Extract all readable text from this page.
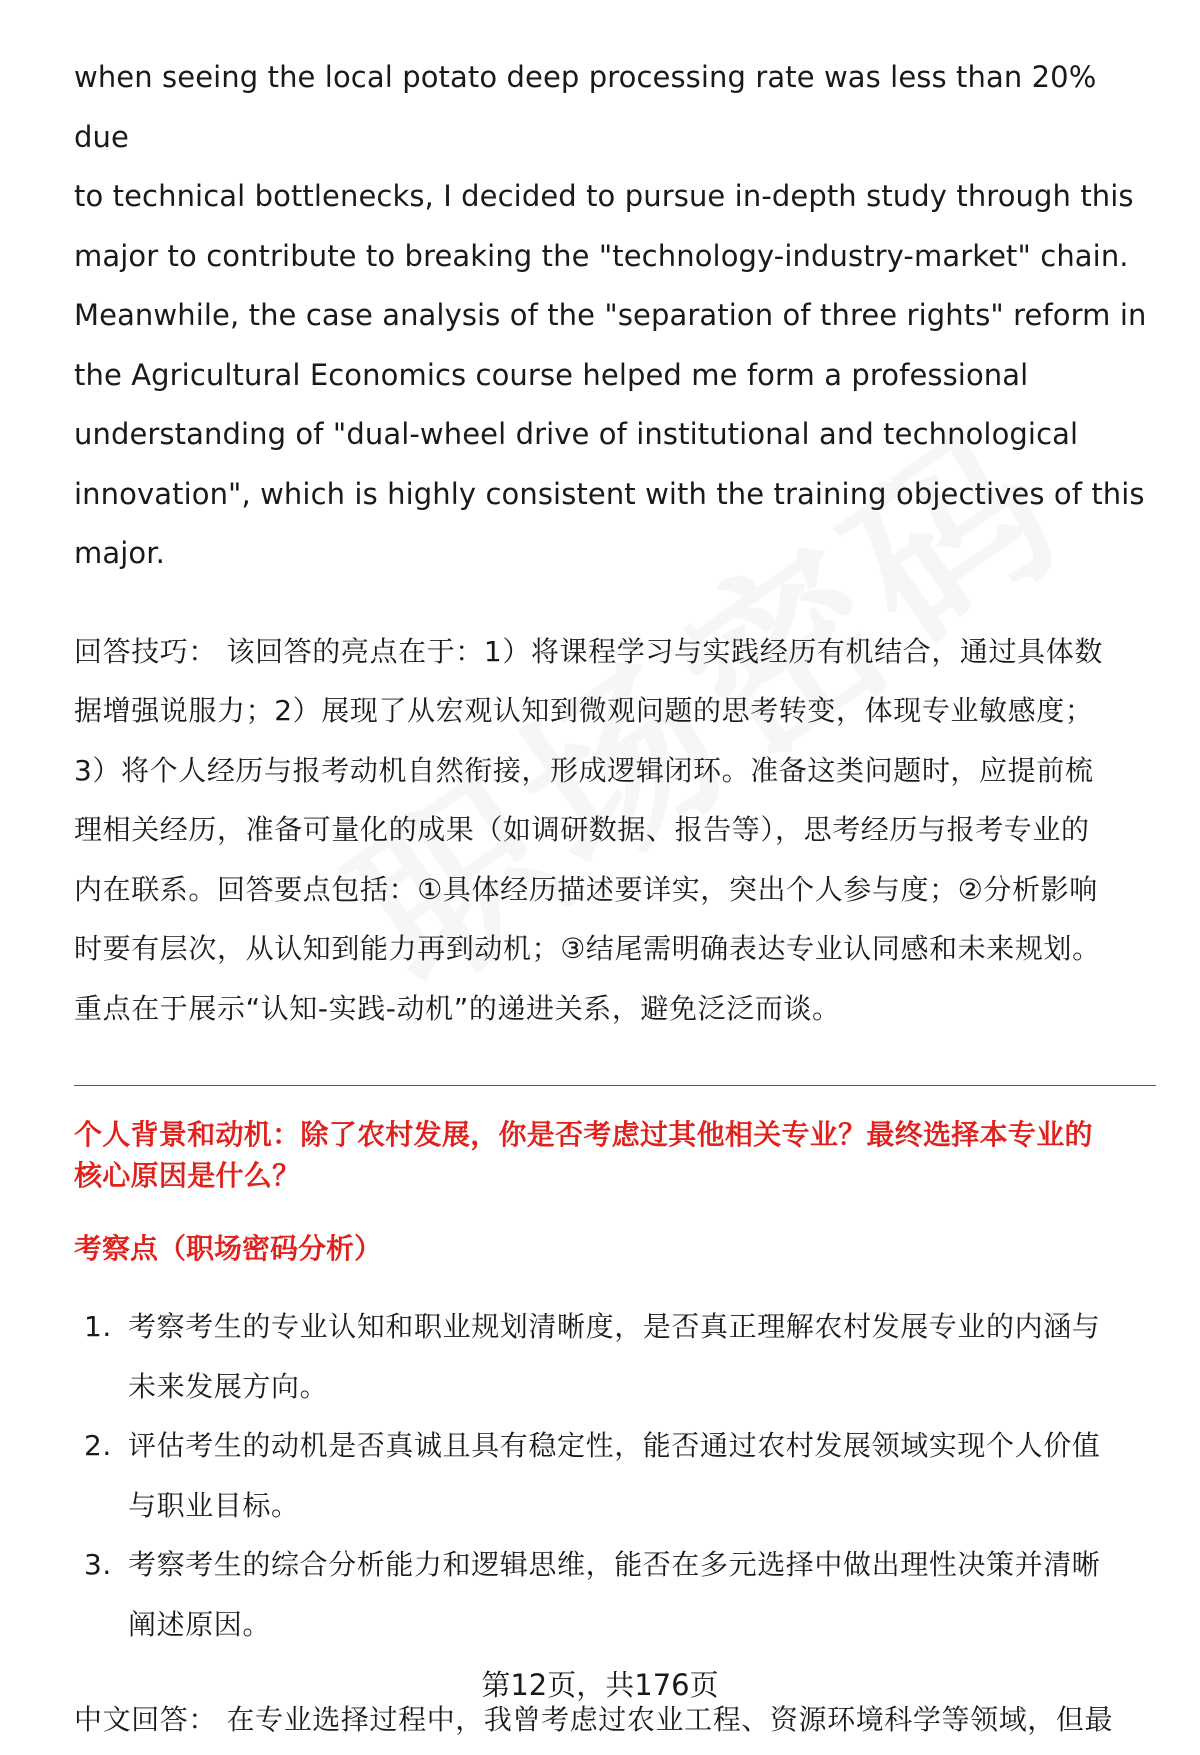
when seeing the local potato deep processing rate was less than 20% due
to technical bottlenecks, I decided to pursue in-depth study through this
major to contribute to breaking the "technology-industry-market" chain.
Meanwhile, the case analysis of the "separation of three rights" reform in
the Agricultural Economics course helped me form a professional
understanding of "dual-wheel drive of institutional and technological
innovation", which is highly consistent with the training objectives of this
major.
回答技巧： 该回答的亮点在于：1）将课程学习与实践经历有机结合，通过具体数
据增强说服力；2）展现了从宏观认知到微观问题的思考转变，体现专业敏感度；
3）将个人经历与报考动机自然衔接，形成逻辑闭环。准备这类问题时，应提前梳
理相关经历，准备可量化的成果（如调研数据、报告等），思考经历与报考专业的
内在联系。回答要点包括：①具体经历描述要详实，突出个人参与度；②分析影响
时要有层次，从认知到能力再到动机；③结尾需明确表达专业认同感和未来规划。
重点在于展示“认知-实践-动机”的递进关系，避免泛泛而谈。
个人背景和动机：除了农村发展，你是否考虑过其他相关专业？最终选择本专业的
核心原因是什么？
考察点（职场密码分析）
1. 考察考生的专业认知和职业规划清晰度，是否真正理解农村发展专业的内涵与
未来发展方向。
2. 评估考生的动机是否真诚且具有稳定性，能否通过农村发展领域实现个人价值
与职业目标。
3. 考察考生的综合分析能力和逻辑思维，能否在多元选择中做出理性决策并清晰
阐述原因。
中文回答： 在专业选择过程中，我曾考虑过农业工程、资源环境科学等领域，但最
第12页，共176页
